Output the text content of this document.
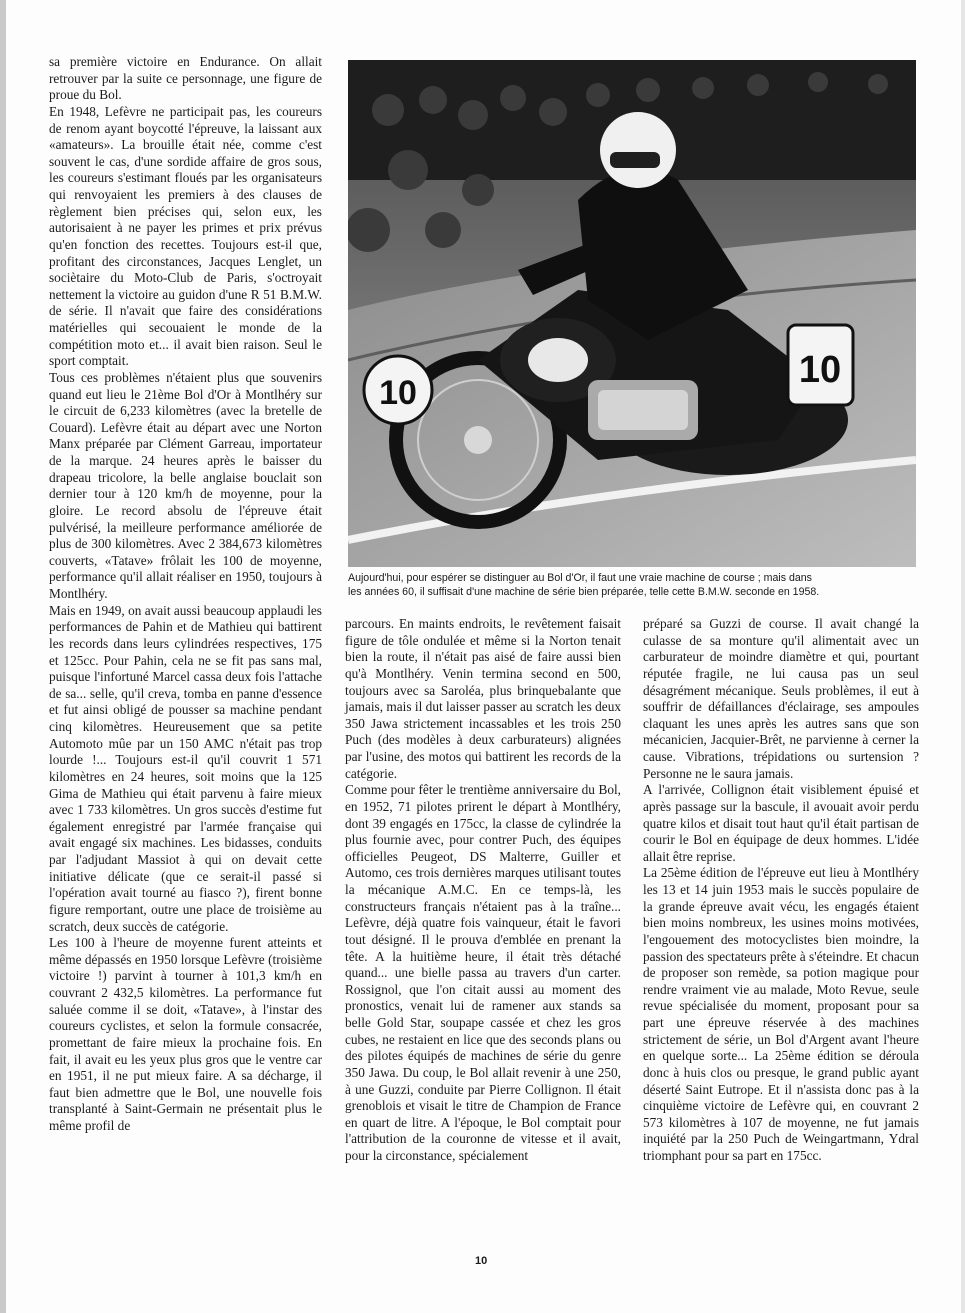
sa première victoire en Endurance. On allait retrouver par la suite ce personnage, une figure de proue du Bol.

En 1948, Lefèvre ne participait pas, les coureurs de renom ayant boycotté l'épreuve, la laissant aux «amateurs». La brouille était née, comme c'est souvent le cas, d'une sordide affaire de gros sous, les coureurs s'estimant floués par les organisateurs qui renvoyaient les premiers à des clauses de règlement bien précises qui, selon eux, les autorisaient à ne payer les primes et prix prévus qu'en fonction des recettes. Toujours est-il que, profitant des circonstances, Jacques Lenglet, un sociètaire du Moto-Club de Paris, s'octroyait nettement la victoire au guidon d'une R 51 B.M.W. de série. Il n'avait que faire des considérations matérielles qui secouaient le monde de la compétition moto et... il avait bien raison. Seul le sport comptait.

Tous ces problèmes n'étaient plus que souvenirs quand eut lieu le 21ème Bol d'Or à Montlhéry sur le circuit de 6,233 kilomètres (avec la bretelle de Couard). Lefèvre était au départ avec une Norton Manx préparée par Clément Garreau, importateur de la marque. 24 heures après le baisser du drapeau tricolore, la belle anglaise bouclait son dernier tour à 120 km/h de moyenne, pour la gloire. Le record absolu de l'épreuve était pulvérisé, la meilleure performance améliorée de plus de 300 kilomètres. Avec 2 384,673 kilomètres couverts, «Tatave» frôlait les 100 de moyenne, performance qu'il allait réaliser en 1950, toujours à Montlhéry.

Mais en 1949, on avait aussi beaucoup applaudi les performances de Pahin et de Mathieu qui battirent les records dans leurs cylindrées respectives, 175 et 125cc. Pour Pahin, cela ne se fit pas sans mal, puisque l'infortuné Marcel cassa deux fois l'attache de sa... selle, qu'il creva, tomba en panne d'essence et fut ainsi obligé de pousser sa machine pendant cinq kilomètres. Heureusement que sa petite Automoto mûe par un 150 AMC n'était pas trop lourde !... Toujours est-il qu'il couvrit 1 571 kilomètres en 24 heures, soit moins que la 125 Gima de Mathieu qui était parvenu à faire mieux avec 1 733 kilomètres. Un gros succès d'estime fut également enregistré par l'armée française qui avait engagé six machines. Les bidasses, conduits par l'adjudant Massiot à qui on devait cette initiative délicate (que ce serait-il passé si l'opération avait tourné au fiasco ?), firent bonne figure remportant, outre une place de troisième au scratch, deux succès de catégorie.

Les 100 à l'heure de moyenne furent atteints et même dépassés en 1950 lorsque Lefèvre (troisième victoire !) parvint à tourner à 101,3 km/h en couvrant 2 432,5 kilomètres. La performance fut saluée comme il se doit, «Tatave», à l'instar des coureurs cyclistes, et selon la formule consacrée, promettant de faire mieux la prochaine fois. En fait, il avait eu les yeux plus gros que le ventre car en 1951, il ne put mieux faire. A sa décharge, il faut bien admettre que le Bol, une nouvelle fois transplanté à Saint-Germain ne présentait plus le même profil de

10
10
Aujourd'hui, pour espérer se distinguer au Bol d'Or, il faut une vraie machine de course ; mais dans
les années 60, il suffisait d'une machine de série bien préparée, telle cette B.M.W. seconde en 1958.

parcours. En maints endroits, le revêtement faisait figure de tôle ondulée et même si la Norton tenait bien la route, il n'était pas aisé de faire aussi bien qu'à Montlhéry. Venin termina second en 500, toujours avec sa Saroléa, plus brinquebalante que jamais, mais il dut laisser passer au scratch les deux 350 Jawa strictement incassables et les trois 250 Puch (des modèles à deux carburateurs) alignées par l'usine, des motos qui battirent les records de la catégorie.

Comme pour fêter le trentième anniversaire du Bol, en 1952, 71 pilotes prirent le départ à Montlhéry, dont 39 engagés en 175cc, la classe de cylindrée la plus fournie avec, pour contrer Puch, des équipes officielles Peugeot, DS Malterre, Guiller et Automo, ces trois dernières marques utilisant toutes la mécanique A.M.C. En ce temps-là, les constructeurs français n'étaient pas à la traîne... Lefèvre, déjà quatre fois vainqueur, était le favori tout désigné. Il le prouva d'emblée en prenant la tête. A la huitième heure, il était très détaché quand... une bielle passa au travers d'un carter. Rossignol, que l'on citait aussi au moment des pronostics, venait lui de ramener aux stands sa belle Gold Star, soupape cassée et chez les gros cubes, ne restaient en lice que des seconds plans ou des pilotes équipés de machines de série du genre 350 Jawa. Du coup, le Bol allait revenir à une 250, à une Guzzi, conduite par Pierre Collignon. Il était grenoblois et visait le titre de Champion de France en quart de litre. A l'époque, le Bol comptait pour l'attribution de la couronne de vitesse et il avait, pour la circonstance, spécialement

préparé sa Guzzi de course. Il avait changé la culasse de sa monture qu'il alimentait avec un carburateur de moindre diamètre et qui, pourtant réputée fragile, ne lui causa pas un seul désagrément mécanique. Seuls problèmes, il eut à souffrir de défaillances d'éclairage, ses ampoules claquant les unes après les autres sans que son mécanicien, Jacquier-Brêt, ne parvienne à cerner la cause. Vibrations, trépidations ou surtension ? Personne ne le saura jamais.

A l'arrivée, Collignon était visiblement épuisé et après passage sur la bascule, il avouait avoir perdu quatre kilos et disait tout haut qu'il était partisan de courir le Bol en équipage de deux hommes. L'idée allait être reprise.

La 25ème édition de l'épreuve eut lieu à Montlhéry les 13 et 14 juin 1953 mais le succès populaire de la grande épreuve avait vécu, les engagés étaient bien moins nombreux, les usines moins motivées, l'engouement des motocyclistes bien moindre, la passion des spectateurs prête à s'éteindre. Et chacun de proposer son remède, sa potion magique pour rendre vraiment vie au malade, Moto Revue, seule revue spécialisée du moment, proposant pour sa part une épreuve réservée à des machines strictement de série, un Bol d'Argent avant l'heure en quelque sorte... La 25ème édition se déroula donc à huis clos ou presque, le grand public ayant déserté Saint Eutrope. Et il n'assista donc pas à la cinquième victoire de Lefèvre qui, en couvrant 2 573 kilomètres à 107 de moyenne, ne fut jamais inquiété par la 250 Puch de Weingartmann, Ydral triomphant pour sa part en 175cc.

10
